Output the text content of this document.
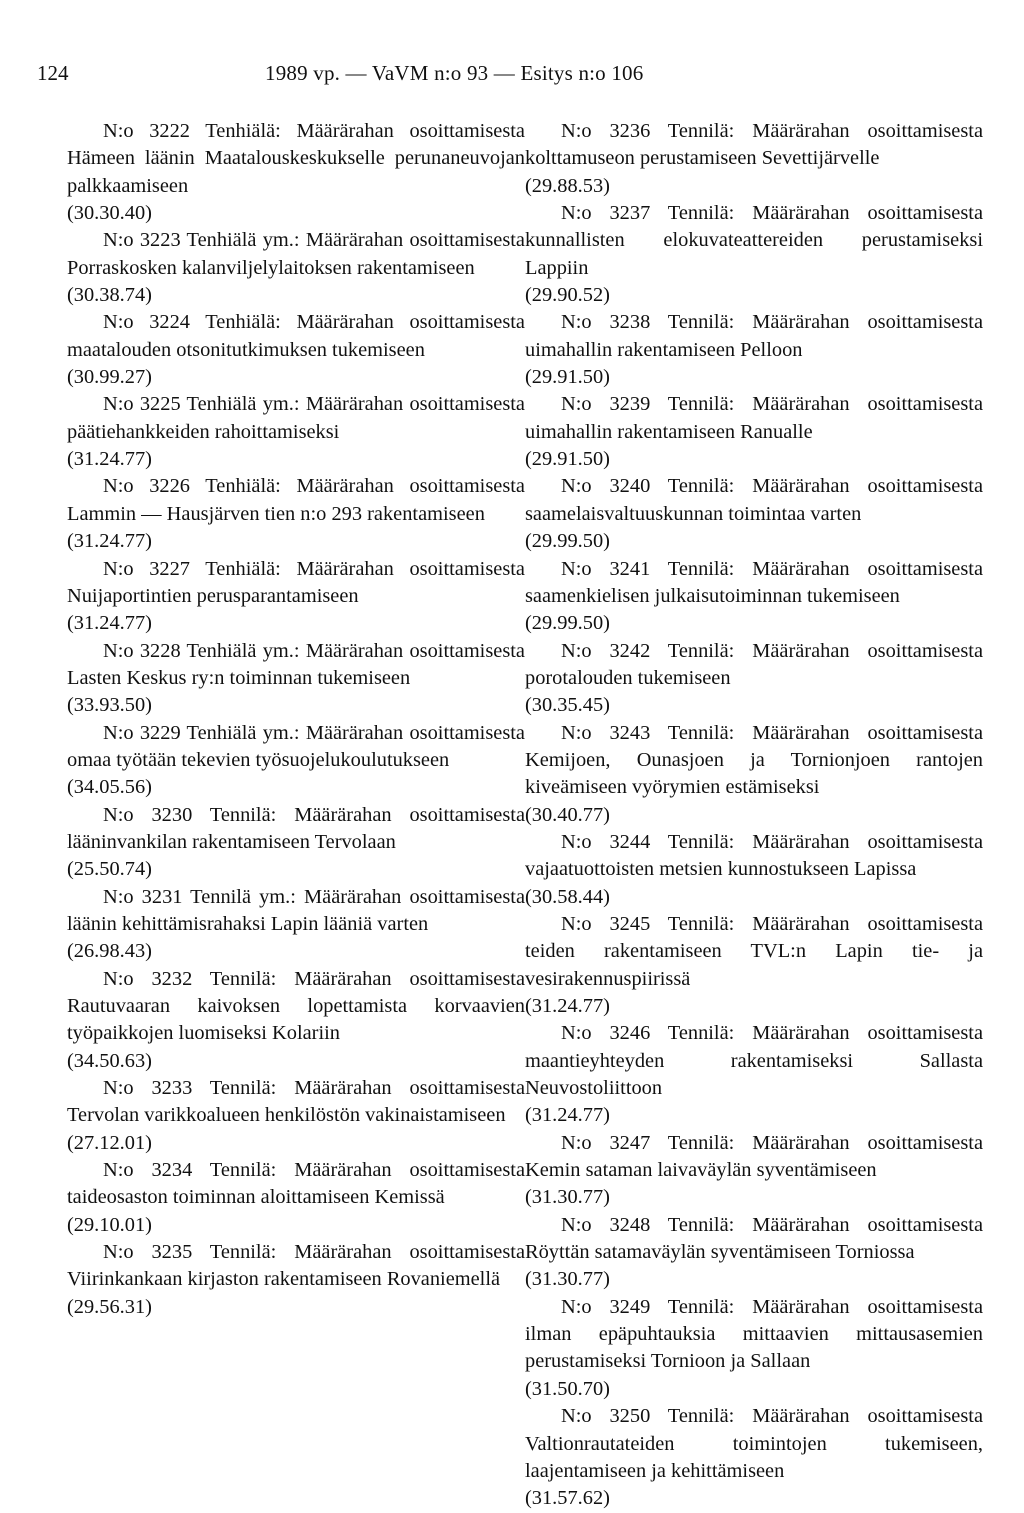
124	1989 vp. — VaVM n:o 93 — Esitys n:o 106
N:o 3222 Tenhiälä: Määrärahan osoittamisesta Hämeen läänin Maatalouskeskukselle perunaneuvojan palkkaamiseen
(30.30.40)
N:o 3223 Tenhiälä ym.: Määrärahan osoittamisesta Porraskosken kalanviljelylaitoksen rakentamiseen
(30.38.74)
N:o 3224 Tenhiälä: Määrärahan osoittamisesta maatalouden otsonitutkimuksen tukemiseen
(30.99.27)
N:o 3225 Tenhiälä ym.: Määrärahan osoittamisesta päätiehankkeiden rahoittamiseksi
(31.24.77)
N:o 3226 Tenhiälä: Määrärahan osoittamisesta Lammin — Hausjärven tien n:o 293 rakentamiseen
(31.24.77)
N:o 3227 Tenhiälä: Määrärahan osoittamisesta Nuijaportintien perusparantamiseen
(31.24.77)
N:o 3228 Tenhiälä ym.: Määrärahan osoittamisesta Lasten Keskus ry:n toiminnan tukemiseen
(33.93.50)
N:o 3229 Tenhiälä ym.: Määrärahan osoittamisesta omaa työtään tekevien työsuojelukoulutukseen
(34.05.56)
N:o 3230 Tennilä: Määrärahan osoittamisesta lääninvankilan rakentamiseen Tervolaan
(25.50.74)
N:o 3231 Tennilä ym.: Määrärahan osoittamisesta läänin kehittämisrahaksi Lapin lääniä varten
(26.98.43)
N:o 3232 Tennilä: Määrärahan osoittamisesta Rautuvaaran kaivoksen lopettamista korvaavien työpaikkojen luomiseksi Kolariin
(34.50.63)
N:o 3233 Tennilä: Määrärahan osoittamisesta Tervolan varikkoalueen henkilöstön vakinaistamiseen
(27.12.01)
N:o 3234 Tennilä: Määrärahan osoittamisesta taideosaston toiminnan aloittamiseen Kemissä
(29.10.01)
N:o 3235 Tennilä: Määrärahan osoittamisesta Viirinkankaan kirjaston rakentamiseen Rovaniemellä
(29.56.31)
N:o 3236 Tennilä: Määrärahan osoittamisesta kolttamuseon perustamiseen Sevettijärvelle
(29.88.53)
N:o 3237 Tennilä: Määrärahan osoittamisesta kunnallisten elokuvateattereiden perustamiseksi Lappiin
(29.90.52)
N:o 3238 Tennilä: Määrärahan osoittamisesta uimahallin rakentamiseen Pelloon
(29.91.50)
N:o 3239 Tennilä: Määrärahan osoittamisesta uimahallin rakentamiseen Ranualle
(29.91.50)
N:o 3240 Tennilä: Määrärahan osoittamisesta saamelaisvaltuuskunnan toimintaa varten
(29.99.50)
N:o 3241 Tennilä: Määrärahan osoittamisesta saamenkielisen julkaisutoiminnan tukemiseen
(29.99.50)
N:o 3242 Tennilä: Määrärahan osoittamisesta porotalouden tukemiseen
(30.35.45)
N:o 3243 Tennilä: Määrärahan osoittamisesta Kemijoen, Ounasjoen ja Tornionjoen rantojen kiveämiseen vyörymien estämiseksi
(30.40.77)
N:o 3244 Tennilä: Määrärahan osoittamisesta vajaatuottoisten metsien kunnostukseen Lapissa
(30.58.44)
N:o 3245 Tennilä: Määrärahan osoittamisesta teiden rakentamiseen TVL:n Lapin tie- ja vesirakennuspiirissä
(31.24.77)
N:o 3246 Tennilä: Määrärahan osoittamisesta maantieyhteyden rakentamiseksi Sallasta Neuvostoliittoon
(31.24.77)
N:o 3247 Tennilä: Määrärahan osoittamisesta Kemin sataman laivaväylän syventämiseen
(31.30.77)
N:o 3248 Tennilä: Määrärahan osoittamisesta Röyttän satamaväylän syventämiseen Torniossa
(31.30.77)
N:o 3249 Tennilä: Määrärahan osoittamisesta ilman epäpuhtauksia mittaavien mittausasemien perustamiseksi Tornioon ja Sallaan
(31.50.70)
N:o 3250 Tennilä: Määrärahan osoittamisesta Valtionrautateiden toimintojen tukemiseen, laajentamiseen ja kehittämiseen
(31.57.62)
